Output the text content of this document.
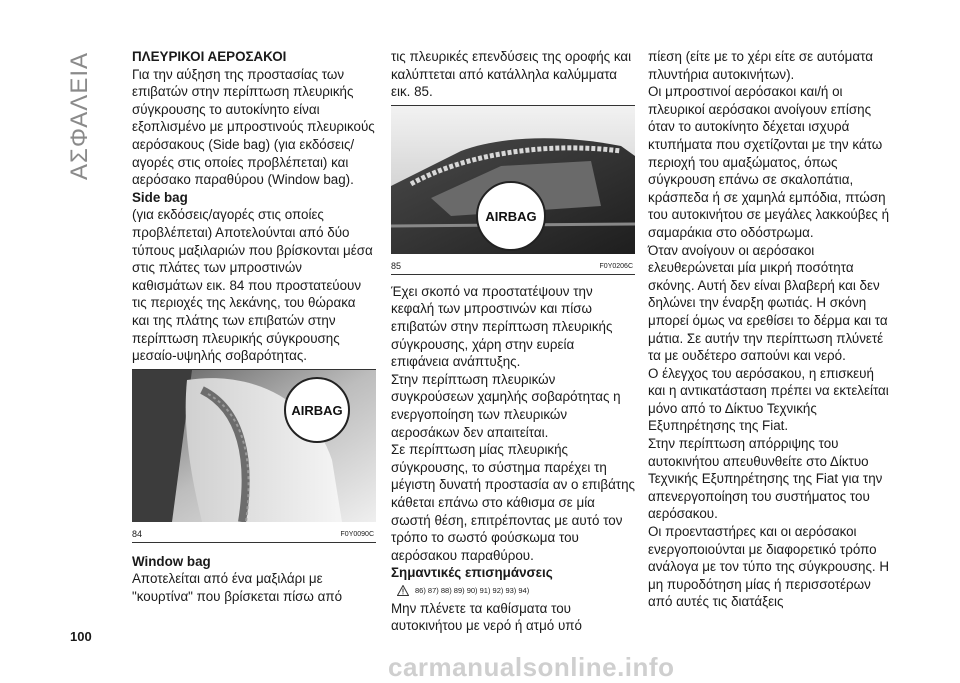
ΑΣΦΑΛΕΙΑ
100
ΠΛΕΥΡΙΚΟΙ ΑΕΡΟΣΑΚΟΙ

Για την αύξηση της προστασίας των επιβατών στην περίπτωση πλευρικής σύγκρουσης το αυτοκίνητο είναι εξοπλισμένο με μπροστινούς πλευρικούς αερόσακους (Side bag) (για εκδόσεις/αγορές στις οποίες προβλέπεται) και αερόσακο παραθύρου (Window bag).

Side bag

(για εκδόσεις/αγορές στις οποίες προβλέπεται) Αποτελούνται από δύο τύπους μαξιλαριών που βρίσκονται μέσα στις πλάτες των μπροστινών καθισμάτων εικ. 84 που προστατεύουν τις περιοχές της λεκάνης, του θώρακα και της πλάτης των επιβατών στην περίπτωση πλευρικής σύγκρουσης μεσαίο-υψηλής σοβαρότητας.

AIRBAG
84	F0Y0090C
Window bag

Αποτελείται από ένα μαξιλάρι με "κουρτίνα" που βρίσκεται πίσω από

τις πλευρικές επενδύσεις της οροφής και καλύπτεται από κατάλληλα καλύμματα εικ. 85.

AIRBAG
85	F0Y0206C

Έχει σκοπό να προστατέψουν την κεφαλή των μπροστινών και πίσω επιβατών στην περίπτωση πλευρικής σύγκρουσης, χάρη στην ευρεία επιφάνεια ανάπτυξης.

Στην περίπτωση πλευρικών συγκρούσεων χαμηλής σοβαρότητας η ενεργοποίηση των πλευρικών αεροσάκων δεν απαιτείται.

Σε περίπτωση μίας πλευρικής σύγκρουσης, το σύστημα παρέχει τη μέγιστη δυνατή προστασία αν ο επιβάτης κάθεται επάνω στο κάθισμα σε μία σωστή θέση, επιτρέποντας με αυτό τον τρόπο το σωστό φούσκωμα του αερόσακου παραθύρου.

Σημαντικές επισημάνσεις
86) 87) 88) 89) 90) 91) 92) 93) 94)

Μην πλένετε τα καθίσματα του αυτοκινήτου με νερό ή ατμό υπό

πίεση (είτε με το χέρι είτε σε αυτόματα πλυντήρια αυτοκινήτων).

Οι μπροστινοί αερόσακοι και/ή οι πλευρικοί αερόσακοι ανοίγουν επίσης όταν το αυτοκίνητο δέχεται ισχυρά κτυπήματα που σχετίζονται με την κάτω περιοχή του αμαξώματος, όπως σύγκρουση επάνω σε σκαλοπάτια, κράσπεδα ή σε χαμηλά εμπόδια, πτώση του αυτοκινήτου σε μεγάλες λακκούβες ή σαμαράκια στο οδόστρωμα.

Όταν ανοίγουν οι αερόσακοι ελευθερώνεται μία μικρή ποσότητα σκόνης. Αυτή δεν είναι βλαβερή και δεν δηλώνει την έναρξη φωτιάς. Η σκόνη μπορεί όμως να ερεθίσει το δέρμα και τα μάτια. Σε αυτήν την περίπτωση πλύνετέ τα με ουδέτερο σαπούνι και νερό.

Ο έλεγχος του αερόσακου, η επισκευή και η αντικατάσταση πρέπει να εκτελείται μόνο από το Δίκτυο Τεχνικής Εξυπηρέτησης της Fiat.

Στην περίπτωση απόρριψης του αυτοκινήτου απευθυνθείτε στο Δίκτυο Τεχνικής Εξυπηρέτησης της Fiat για την απενεργοποίηση του συστήματος του αερόσακου.

Οι προενταστήρες και οι αερόσακοι ενεργοποιούνται με διαφορετικό τρόπο ανάλογα με τον τύπο της σύγκρουσης. Η μη πυροδότηση μίας ή περισσοτέρων από αυτές τις διατάξεις

carmanualsonline.info
